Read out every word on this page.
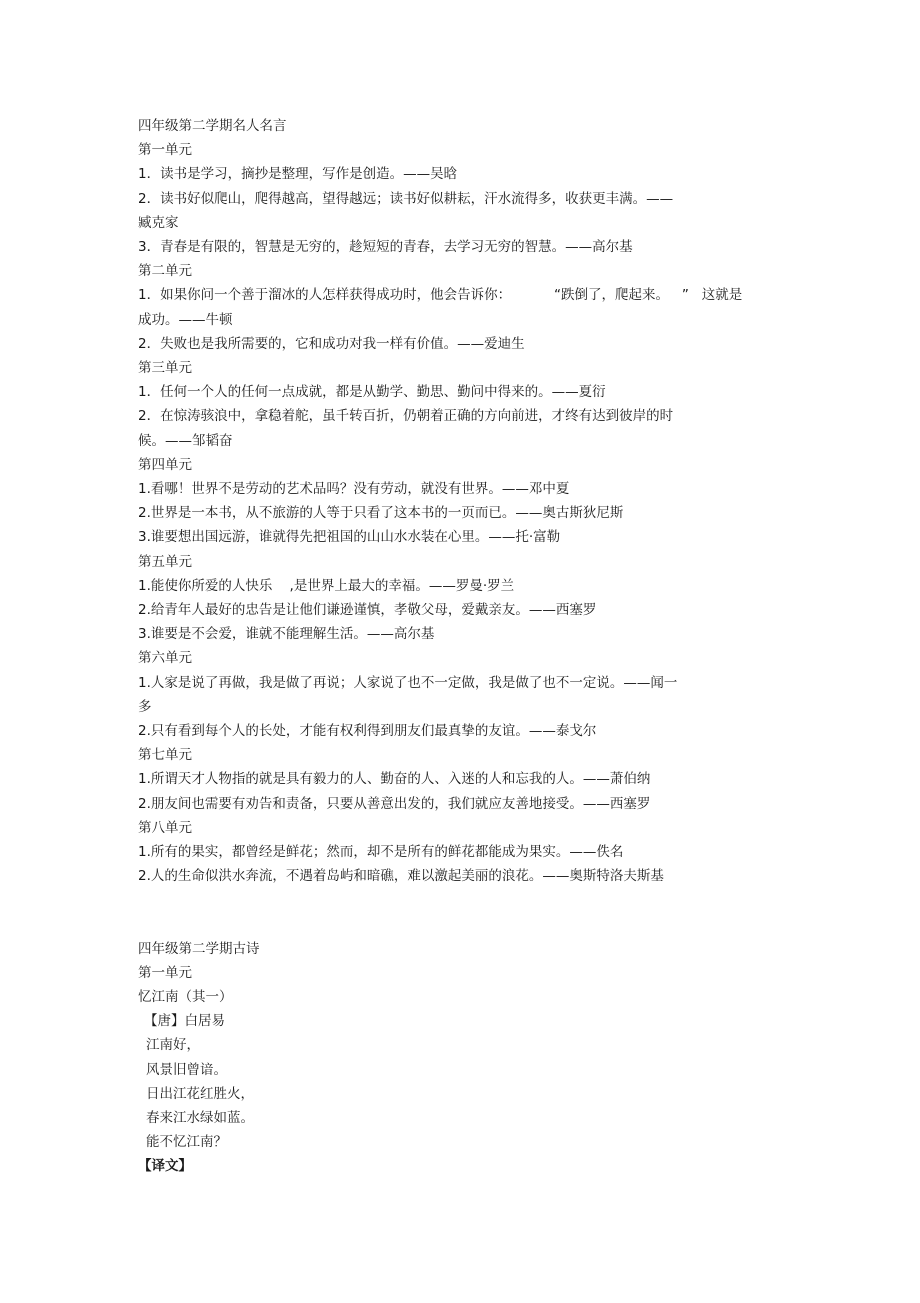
四年级第二学期名人名言
第一单元
1．读书是学习，摘抄是整理，写作是创造。——吴晗
2．读书好似爬山，爬得越高，望得越远；读书好似耕耘，汗水流得多，收获更丰满。——
臧克家
3．青春是有限的，智慧是无穷的，趁短短的青春，去学习无穷的智慧。——高尔基
第二单元
1．如果你问一个善于溜冰的人怎样获得成功时，他会告诉你：          “跌倒了，爬起来。   ”   这就是
成功。——牛顿
2．失败也是我所需要的，它和成功对我一样有价值。——爱迪生
第三单元
1．任何一个人的任何一点成就，都是从勤学、勤思、勤问中得来的。——夏衍
2．在惊涛骇浪中，拿稳着舵，虽千转百折，仍朝着正确的方向前进，才终有达到彼岸的时
候。——邹韬奋
第四单元
1.看哪！世界不是劳动的艺术品吗？没有劳动，就没有世界。——邓中夏
2.世界是一本书，从不旅游的人等于只看了这本书的一页而已。——奥古斯狄尼斯
3.谁要想出国远游，谁就得先把祖国的山山水水装在心里。——托·富勒
第五单元
1.能使你所爱的人快乐    ,是世界上最大的幸福。——罗曼·罗兰
2.给青年人最好的忠告是让他们谦逊谨慎，孝敬父母，爱戴亲友。——西塞罗
3.谁要是不会爱，谁就不能理解生活。——高尔基
第六单元
1.人家是说了再做，我是做了再说；人家说了也不一定做，我是做了也不一定说。——闻一
多
2.只有看到每个人的长处，才能有权利得到朋友们最真挚的友谊。——泰戈尔
第七单元
1.所谓天才人物指的就是具有毅力的人、勤奋的人、入迷的人和忘我的人。——萧伯纳
2.朋友间也需要有劝告和责备，只要从善意出发的，我们就应友善地接受。——西塞罗
第八单元
1.所有的果实，都曾经是鲜花；然而，却不是所有的鲜花都能成为果实。——佚名
2.人的生命似洪水奔流，不遇着岛屿和暗礁，难以激起美丽的浪花。——奥斯特洛夫斯基
四年级第二学期古诗
第一单元
忆江南（其一）
【唐】白居易
江南好，
风景旧曾谙。
日出江花红胜火，
春来江水绿如蓝。
能不忆江南？
【译文】
